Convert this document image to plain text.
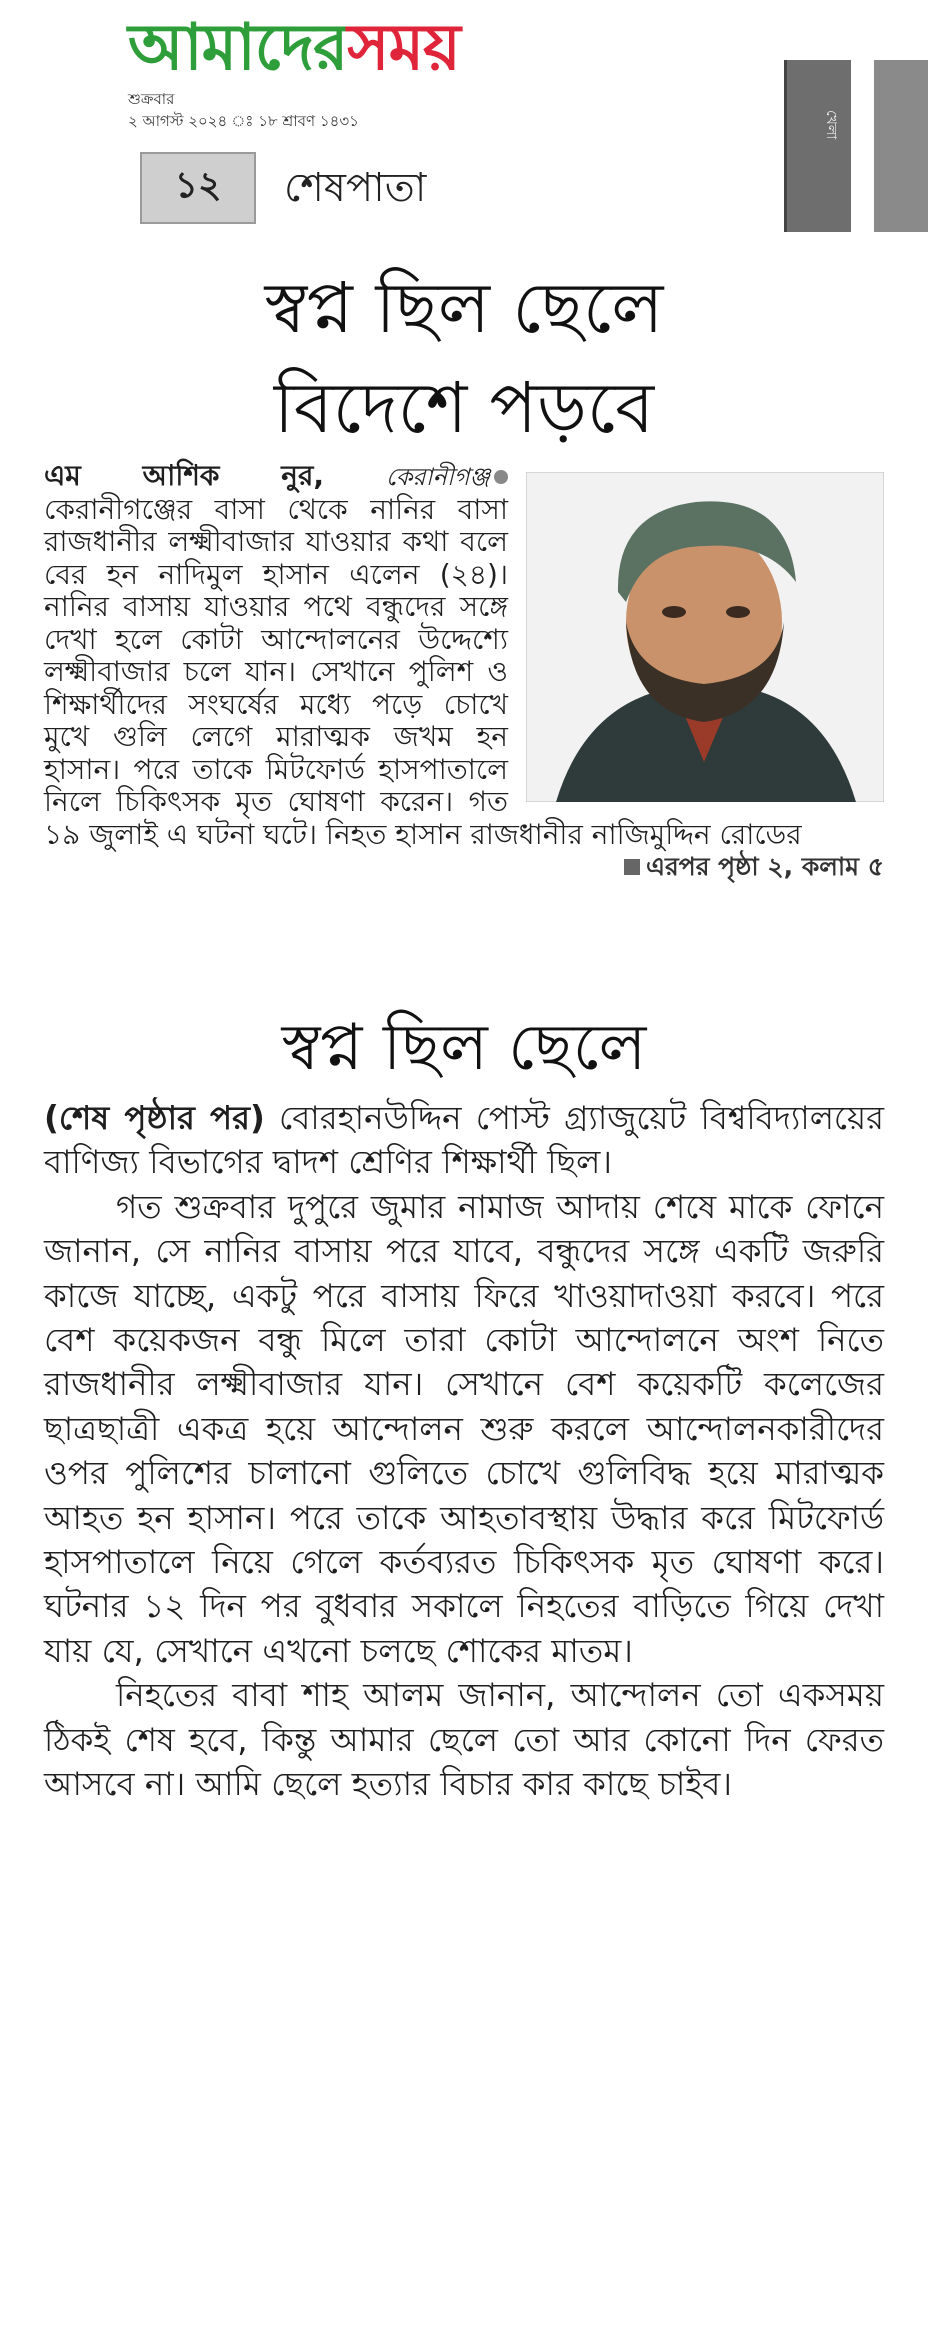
আমাদেরসময়
শুক্রবার
২ আগস্ট ২০২৪ ঃ ১৮ শ্রাবণ ১৪৩১
১২	শেষপাতা
খেলা
স্বপ্ন ছিল ছেলে
বিদেশে পড়বে
এম আশিক নুর,	কেরানীগঞ্জ কেরানীগঞ্জের বাসা থেকে নানির বাসা রাজধানীর লক্ষ্মীবাজার যাওয়ার কথা বলে বের হন নাদিমুল হাসান এলেন (২৪)। নানির বাসায় যাওয়ার পথে বন্ধুদের সঙ্গে দেখা হলে কোটা আন্দোলনের উদ্দেশ্যে লক্ষ্মীবাজার চলে যান। সেখানে পুলিশ ও শিক্ষার্থীদের সংঘর্ষের মধ্যে পড়ে চোখে মুখে গুলি লেগে মারাত্মক জখম হন হাসান। পরে তাকে মিটফোর্ড হাসপাতালে নিলে চিকিৎসক মৃত ঘোষণা করেন। গত ১৯ জুলাই এ ঘটনা ঘটে। নিহত হাসান রাজধানীর নাজিমুদ্দিন রোডের
এরপর পৃষ্ঠা ২, কলাম ৫
স্বপ্ন ছিল ছেলে

(শেষ পৃষ্ঠার পর) বোরহানউদ্দিন পোস্ট গ্র্যাজুয়েট বিশ্ববিদ্যালয়ের বাণিজ্য বিভাগের দ্বাদশ শ্রেণির শিক্ষার্থী ছিল।

গত শুক্রবার দুপুরে জুমার নামাজ আদায় শেষে মাকে ফোনে জানান, সে নানির বাসায় পরে যাবে, বন্ধুদের সঙ্গে একটি জরুরি কাজে যাচ্ছে, একটু পরে বাসায় ফিরে খাওয়াদাওয়া করবে। পরে বেশ কয়েকজন বন্ধু মিলে তারা কোটা আন্দোলনে অংশ নিতে রাজধানীর লক্ষ্মীবাজার যান। সেখানে বেশ কয়েকটি কলেজের ছাত্রছাত্রী একত্র হয়ে আন্দোলন শুরু করলে আন্দোলনকারীদের ওপর পুলিশের চালানো গুলিতে চোখে গুলিবিদ্ধ হয়ে মারাত্মক আহত হন হাসান। পরে তাকে আহতাবস্থায় উদ্ধার করে মিটফোর্ড হাসপাতালে নিয়ে গেলে কর্তব্যরত চিকিৎসক মৃত ঘোষণা করে। ঘটনার ১২ দিন পর বুধবার সকালে নিহতের বাড়িতে গিয়ে দেখা যায় যে, সেখানে এখনো চলছে শোকের মাতম।

নিহতের বাবা শাহ আলম জানান, আন্দোলন তো একসময় ঠিকই শেষ হবে, কিন্তু আমার ছেলে তো আর কোনো দিন ফেরত আসবে না। আমি ছেলে হত্যার বিচার কার কাছে চাইব।
